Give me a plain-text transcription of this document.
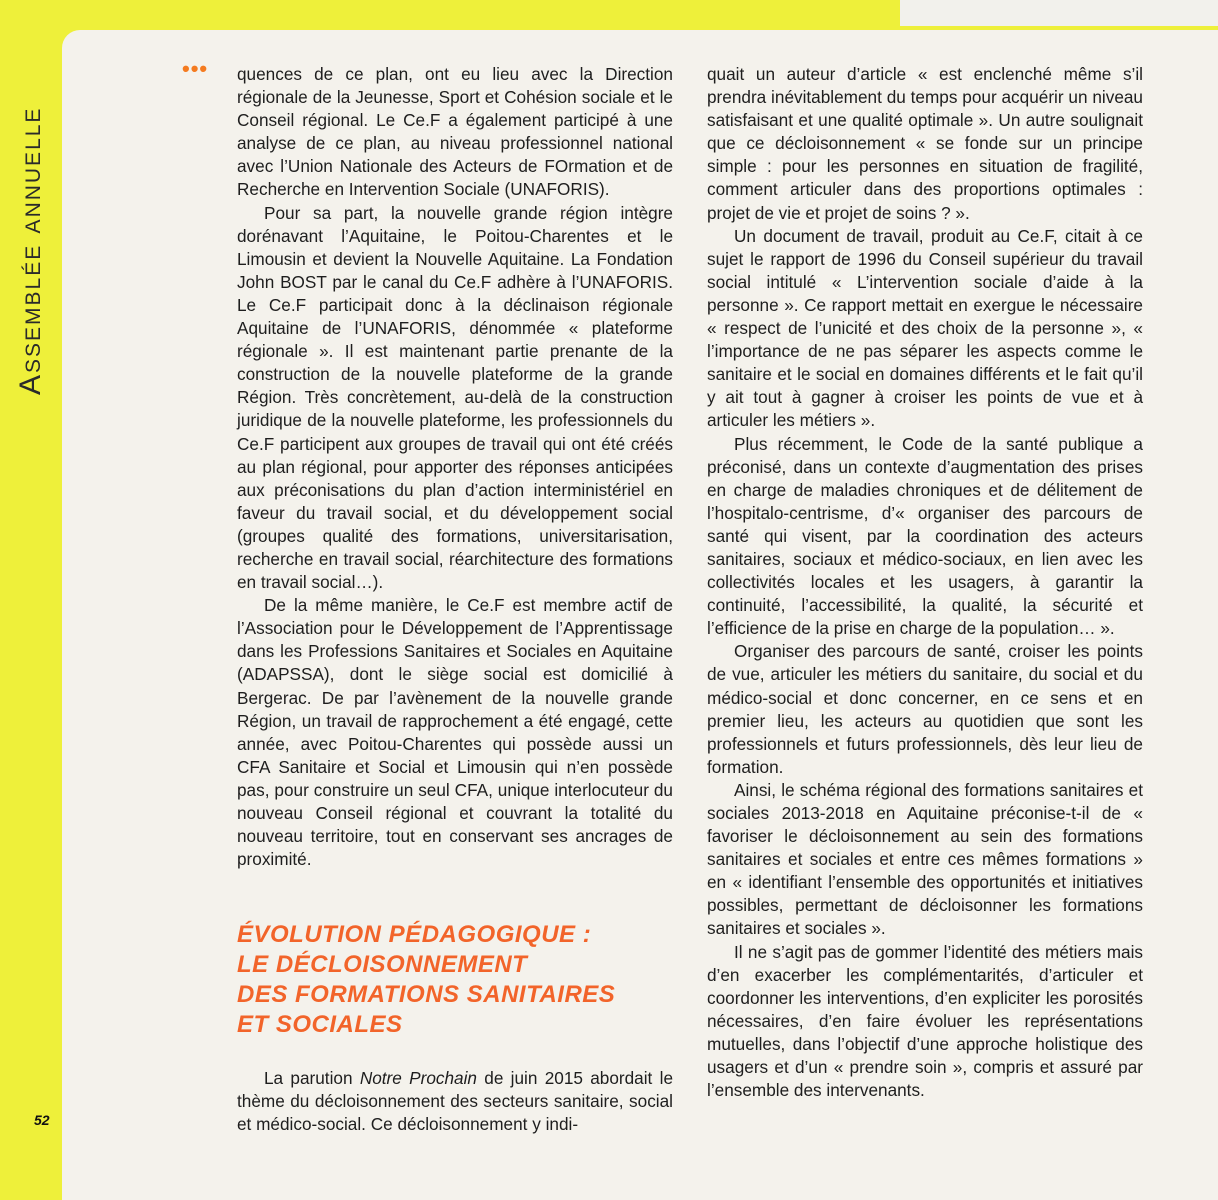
Assemblée annuelle
••• quences de ce plan, ont eu lieu avec la Direction régionale de la Jeunesse, Sport et Cohésion sociale et le Conseil régional. Le Ce.F a également participé à une analyse de ce plan, au niveau professionnel national avec l’Union Nationale des Acteurs de FOrmation et de Recherche en Intervention Sociale (UNAFORIS).

Pour sa part, la nouvelle grande région intègre dorénavant l’Aquitaine, le Poitou-Charentes et le Limousin et devient la Nouvelle Aquitaine. La Fondation John BOST par le canal du Ce.F adhère à l’UNAFORIS. Le Ce.F participait donc à la déclinaison régionale Aquitaine de l’UNAFORIS, dénommée « plateforme régionale ». Il est maintenant partie prenante de la construction de la nouvelle plateforme de la grande Région. Très concrètement, au-delà de la construction juridique de la nouvelle plateforme, les professionnels du Ce.F participent aux groupes de travail qui ont été créés au plan régional, pour apporter des réponses anticipées aux préconisations du plan d’action interministériel en faveur du travail social, et du développement social (groupes qualité des formations, universitarisation, recherche en travail social, réarchitecture des formations en travail social…).

De la même manière, le Ce.F est membre actif de l’Association pour le Développement de l’Apprentissage dans les Professions Sanitaires et Sociales en Aquitaine (ADAPSSA), dont le siège social est domicilié à Bergerac. De par l’avènement de la nouvelle grande Région, un travail de rapprochement a été engagé, cette année, avec Poitou-Charentes qui possède aussi un CFA Sanitaire et Social et Limousin qui n’en possède pas, pour construire un seul CFA, unique interlocuteur du nouveau Conseil régional et couvrant la totalité du nouveau territoire, tout en conservant ses ancrages de proximité.

ÉVOLUTION PÉDAGOGIQUE :
LE DÉCLOISONNEMENT
DES FORMATIONS SANITAIRES
ET SOCIALES

La parution Notre Prochain de juin 2015 abordait le thème du décloisonnement des secteurs sanitaire, social et médico-social. Ce décloisonnement y indi-

quait un auteur d’article « est enclenché même s’il prendra inévitablement du temps pour acquérir un niveau satisfaisant et une qualité optimale ». Un autre soulignait que ce décloisonnement « se fonde sur un principe simple : pour les personnes en situation de fragilité, comment articuler dans des proportions optimales : projet de vie et projet de soins ? ».

Un document de travail, produit au Ce.F, citait à ce sujet le rapport de 1996 du Conseil supérieur du travail social intitulé « L’intervention sociale d’aide à la personne ». Ce rapport mettait en exergue le nécessaire « respect de l’unicité et des choix de la personne », « l’importance de ne pas séparer les aspects comme le sanitaire et le social en domaines différents et le fait qu’il y ait tout à gagner à croiser les points de vue et à articuler les métiers ».

Plus récemment, le Code de la santé publique a préconisé, dans un contexte d’augmentation des prises en charge de maladies chroniques et de délitement de l’hospitalo-centrisme, d’« organiser des parcours de santé qui visent, par la coordination des acteurs sanitaires, sociaux et médico-sociaux, en lien avec les collectivités locales et les usagers, à garantir la continuité, l’accessibilité, la qualité, la sécurité et l’efficience de la prise en charge de la population… ».

Organiser des parcours de santé, croiser les points de vue, articuler les métiers du sanitaire, du social et du médico-social et donc concerner, en ce sens et en premier lieu, les acteurs au quotidien que sont les professionnels et futurs professionnels, dès leur lieu de formation.

Ainsi, le schéma régional des formations sanitaires et sociales 2013-2018 en Aquitaine préconise-t-il de « favoriser le décloisonnement au sein des formations sanitaires et sociales et entre ces mêmes formations » en « identifiant l’ensemble des opportunités et initiatives possibles, permettant de décloisonner les formations sanitaires et sociales ».

Il ne s’agit pas de gommer l’identité des métiers mais d’en exacerber les complémentarités, d’articuler et coordonner les interventions, d’en expliciter les porosités nécessaires, d’en faire évoluer les représentations mutuelles, dans l’objectif d’une approche holistique des usagers et d’un « prendre soin », compris et assuré par l’ensemble des intervenants.

52
